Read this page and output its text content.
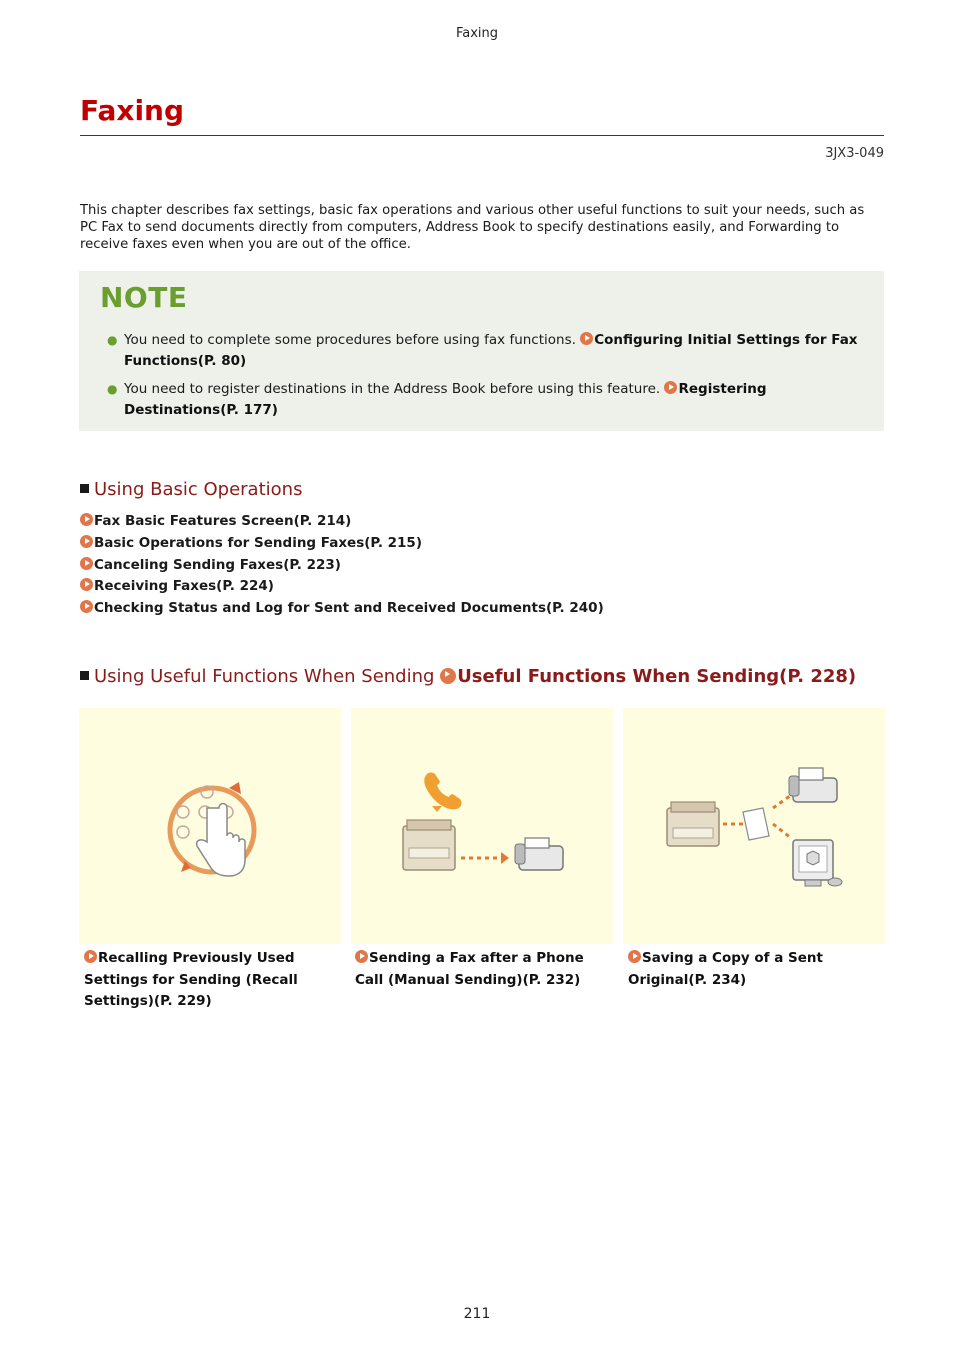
Faxing
Faxing
3JX3-049
This chapter describes fax settings, basic fax operations and various other useful functions to suit your needs, such as PC Fax to send documents directly from computers, Address Book to specify destinations easily, and Forwarding to receive faxes even when you are out of the office.
NOTE
● You need to complete some procedures before using fax functions. Configuring Initial Settings for Fax Functions(P. 80)
● You need to register destinations in the Address Book before using this feature. Registering Destinations(P. 177)
Using Basic Operations
Fax Basic Features Screen(P. 214)
Basic Operations for Sending Faxes(P. 215)
Canceling Sending Faxes(P. 223)
Receiving Faxes(P. 224)
Checking Status and Log for Sent and Received Documents(P. 240)
Using Useful Functions When Sending Useful Functions When Sending(P. 228)
Recalling Previously Used Settings for Sending (Recall Settings)(P. 229)
Sending a Fax after a Phone Call (Manual Sending)(P. 232)
Saving a Copy of a Sent Original(P. 234)
211
